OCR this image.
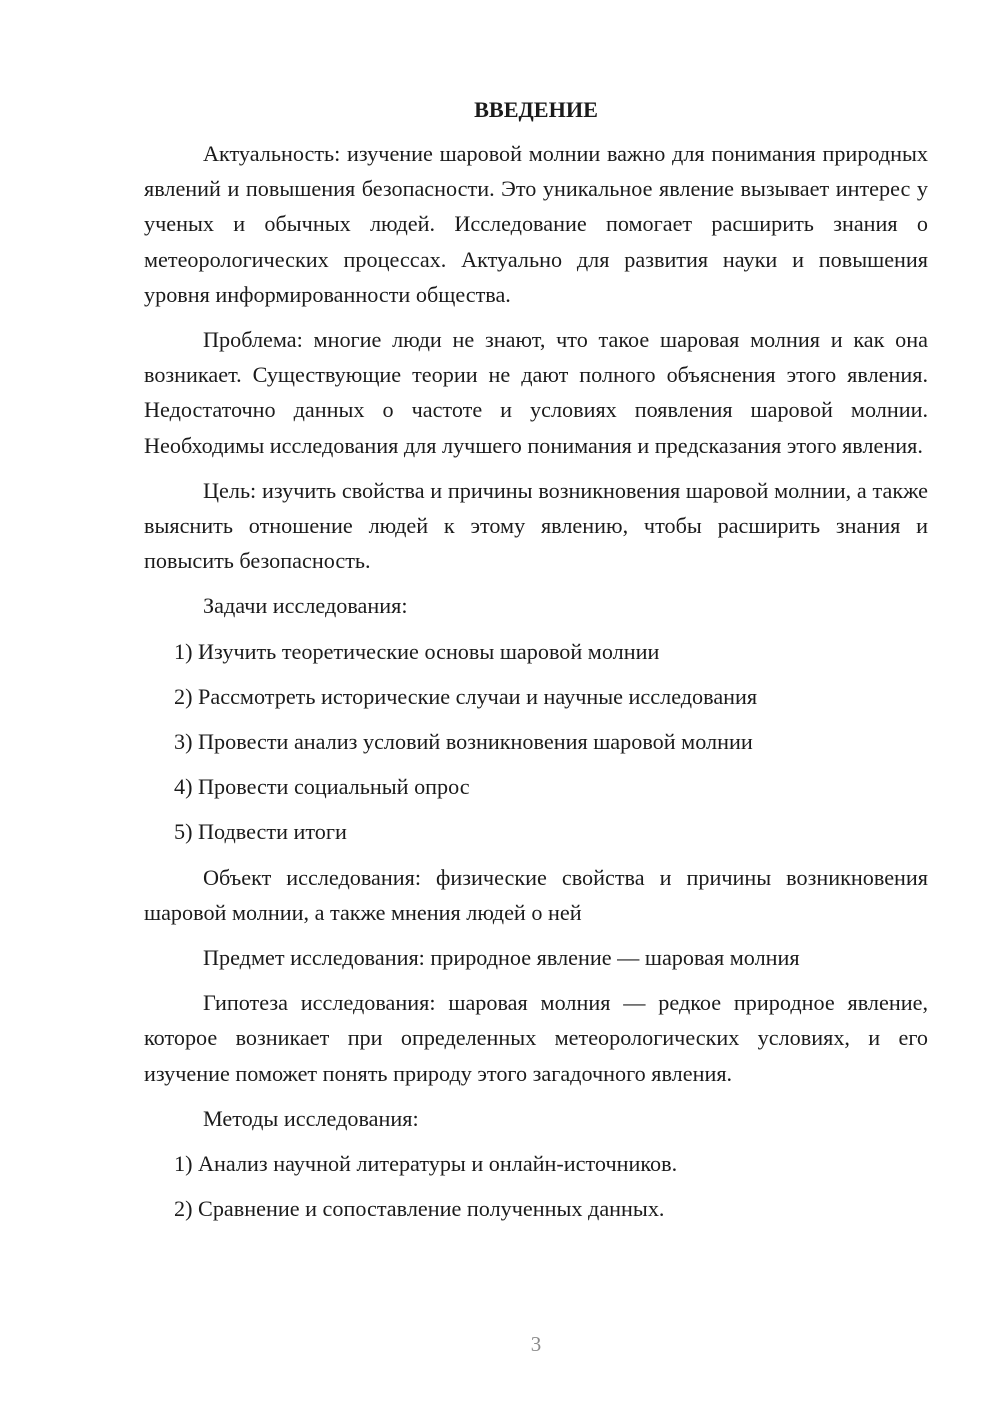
ВВЕДЕНИЕ

Актуальность: изучение шаровой молнии важно для понимания природных явлений и повышения безопасности. Это уникальное явление вызывает интерес у ученых и обычных людей. Исследование помогает расширить знания о метеорологических процессах. Актуально для развития науки и повышения уровня информированности общества.

Проблема: многие люди не знают, что такое шаровая молния и как она возникает. Существующие теории не дают полного объяснения этого явления. Недостаточно данных о частоте и условиях появления шаровой молнии. Необходимы исследования для лучшего понимания и предсказания этого явления.

Цель: изучить свойства и причины возникновения шаровой молнии, а также выяснить отношение людей к этому явлению, чтобы расширить знания и повысить безопасность.

Задачи исследования:
1) Изучить теоретические основы шаровой молнии
2) Рассмотреть исторические случаи и научные исследования
3) Провести анализ условий возникновения шаровой молнии
4) Провести социальный опрос
5) Подвести итоги

Объект исследования: физические свойства и причины возникновения шаровой молнии, а также мнения людей о ней

Предмет исследования: природное явление — шаровая молния

Гипотеза исследования: шаровая молния — редкое природное явление, которое возникает при определенных метеорологических условиях, и его изучение поможет понять природу этого загадочного явления.

Методы исследования:
1) Анализ научной литературы и онлайн-источников.
2) Сравнение и сопоставление полученных данных.
3
